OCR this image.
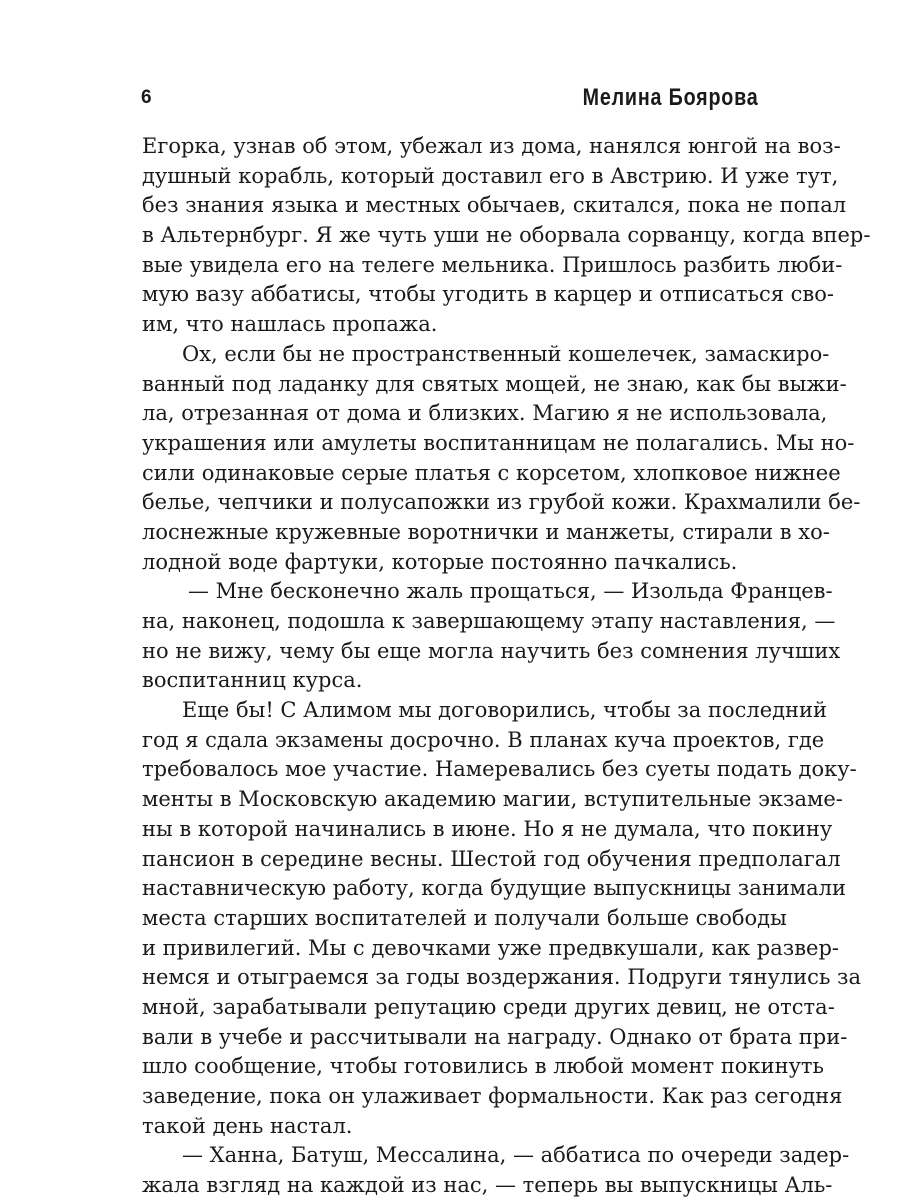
6	Мелина Боярова
Егорка, узнав об этом, убежал из дома, нанялся юнгой на воз-
душный корабль, который доставил его в Австрию. И уже тут,
без знания языка и местных обычаев, скитался, пока не попал
в Альтернбург. Я же чуть уши не оборвала сорванцу, когда впер-
вые увидела его на телеге мельника. Пришлось разбить люби-
мую вазу аббатисы, чтобы угодить в карцер и отписаться сво-
им, что нашлась пропажа.
Ох, если бы не пространственный кошелечек, замаскиро-
ванный под ладанку для святых мощей, не знаю, как бы выжи-
ла, отрезанная от дома и близких. Магию я не использовала,
украшения или амулеты воспитанницам не полагались. Мы но-
сили одинаковые серые платья с корсетом, хлопковое нижнее
белье, чепчики и полусапожки из грубой кожи. Крахмалили бе-
лоснежные кружевные воротнички и манжеты, стирали в хо-
лодной воде фартуки, которые постоянно пачкались.
— Мне бесконечно жаль прощаться, — Изольда Францев-
на, наконец, подошла к завершающему этапу наставления, —
но не вижу, чему бы еще могла научить без сомнения лучших
воспитанниц курса.
Еще бы! С Алимом мы договорились, чтобы за последний
год я сдала экзамены досрочно. В планах куча проектов, где
требовалось мое участие. Намеревались без суеты подать доку-
менты в Московскую академию магии, вступительные экзаме-
ны в которой начинались в июне. Но я не думала, что покину
пансион в середине весны. Шестой год обучения предполагал
наставническую работу, когда будущие выпускницы занимали
места старших воспитателей и получали больше свободы
и привилегий. Мы с девочками уже предвкушали, как развер-
немся и отыграемся за годы воздержания. Подруги тянулись за
мной, зарабатывали репутацию среди других девиц, не отста-
вали в учебе и рассчитывали на награду. Однако от брата при-
шло сообщение, чтобы готовились в любой момент покинуть
заведение, пока он улаживает формальности. Как раз сегодня
такой день настал.
— Ханна, Батуш, Мессалина, — аббатиса по очереди задер-
жала взгляд на каждой из нас, — теперь вы выпускницы Аль-
